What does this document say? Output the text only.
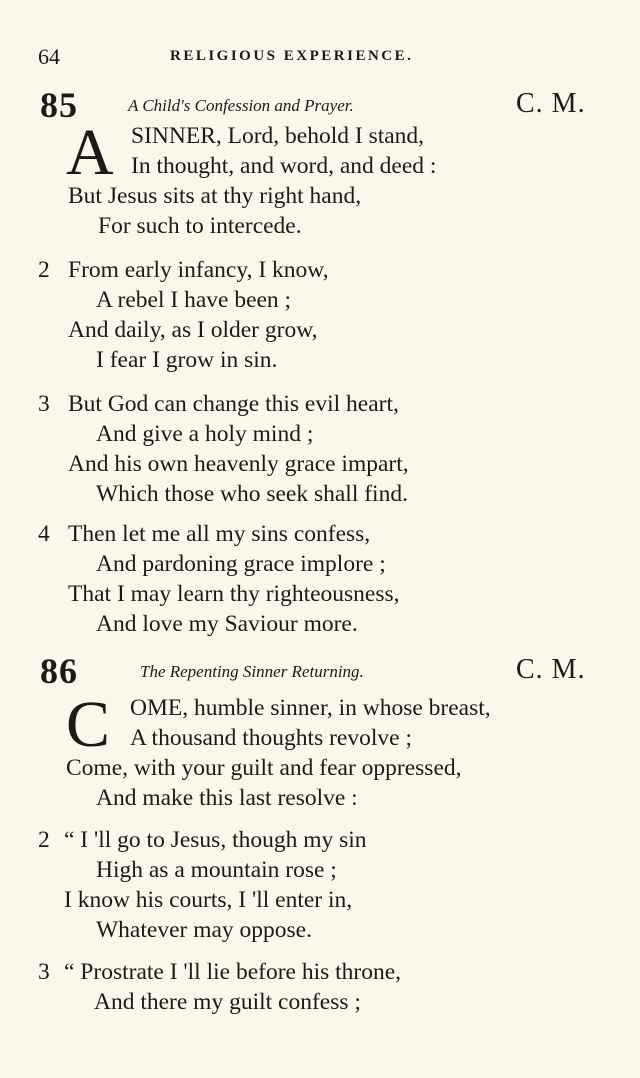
64	RELIGIOUS EXPERIENCE.
85	A Child's Confession and Prayer.	C. M.
A SINNER, Lord, behold I stand,
In thought, and word, and deed :
But Jesus sits at thy right hand,
For such to intercede.
2 From early infancy, I know,
A rebel I have been ;
And daily, as I older grow,
I fear I grow in sin.
3 But God can change this evil heart,
And give a holy mind ;
And his own heavenly grace impart,
Which those who seek shall find.
4 Then let me all my sins confess,
And pardoning grace implore ;
That I may learn thy righteousness,
And love my Saviour more.
86	The Repenting Sinner Returning.	C. M.
C OME, humble sinner, in whose breast,
A thousand thoughts revolve ;
Come, with your guilt and fear oppressed,
And make this last resolve :
2 “ I 'll go to Jesus, though my sin
High as a mountain rose ;
I know his courts, I 'll enter in,
Whatever may oppose.
3 “ Prostrate I 'll lie before his throne,
And there my guilt confess ;
